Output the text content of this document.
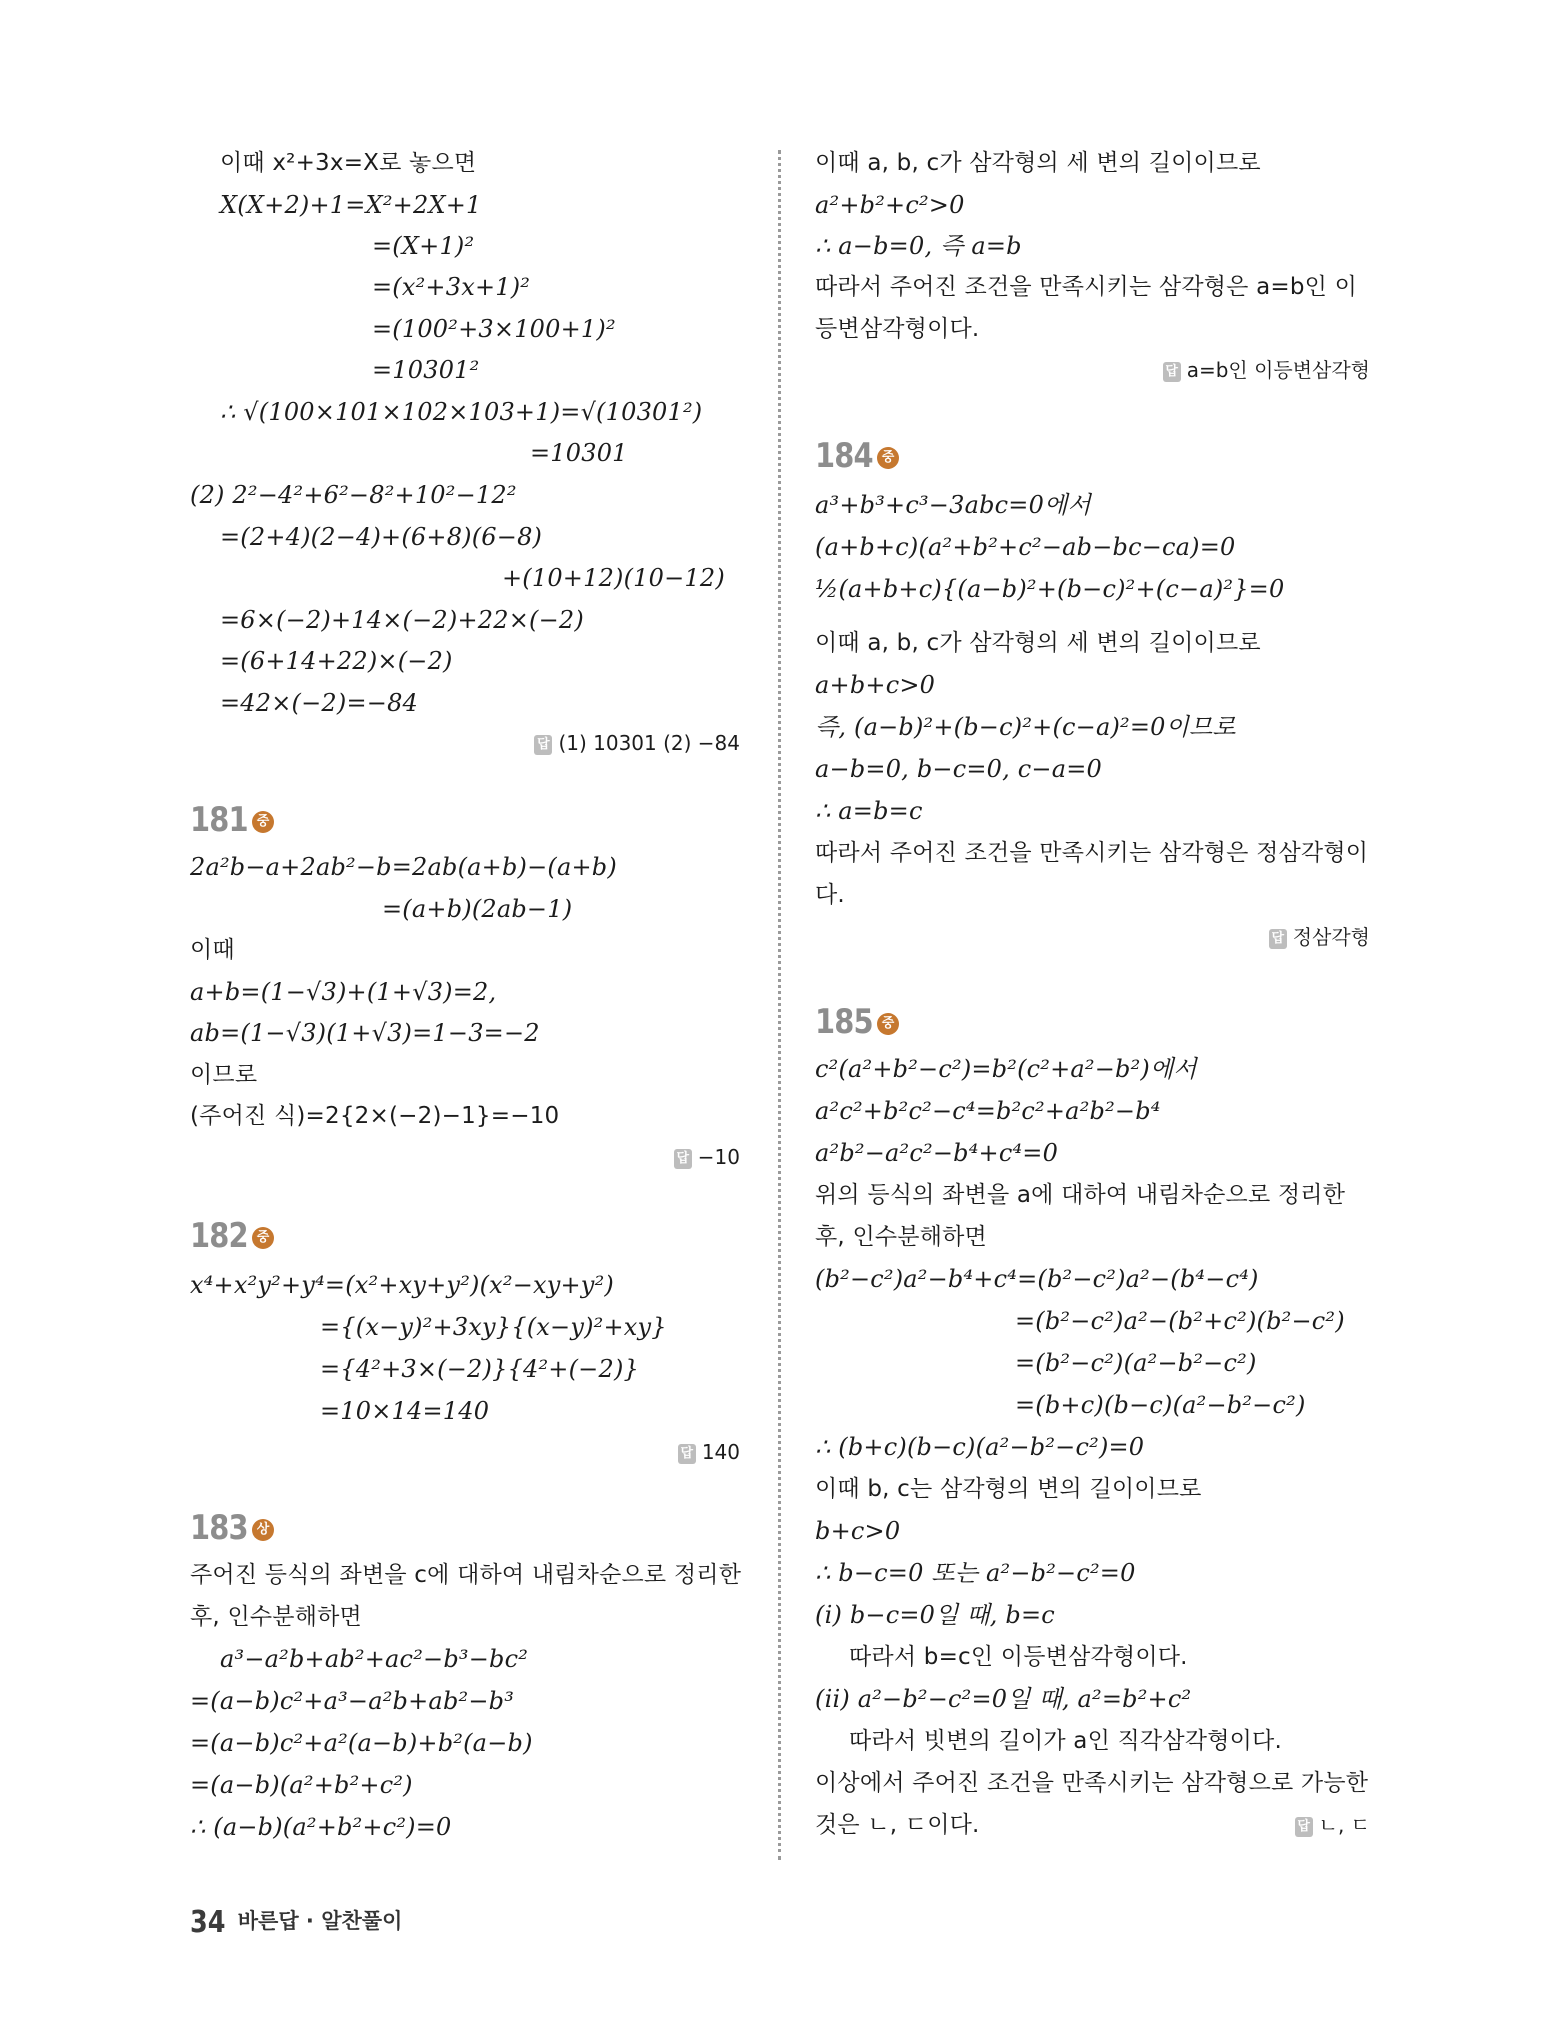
이때 x²+3x=X로 놓으면
X(X+2)+1=X²+2X+1
=(X+1)²
=(x²+3x+1)²
=(100²+3×100+1)²
=10301²
∴ √(100×101×102×103+1)=√(10301²)
=10301
(2) 2²−4²+6²−8²+10²−12²
=(2+4)(2−4)+(6+8)(6−8)
+(10+12)(10−12)
=6×(−2)+14×(−2)+22×(−2)
=(6+14+22)×(−2)
=42×(−2)=−84
답 (1) 10301 (2) −84
181 중
2a²b−a+2ab²−b=2ab(a+b)−(a+b)
=(a+b)(2ab−1)
이때
a+b=(1−√3)+(1+√3)=2,
ab=(1−√3)(1+√3)=1−3=−2
이므로
(주어진 식)=2{2×(−2)−1}=−10
답 −10
182 중
x⁴+x²y²+y⁴=(x²+xy+y²)(x²−xy+y²)
={(x−y)²+3xy}{(x−y)²+xy}
={4²+3×(−2)}{4²+(−2)}
=10×14=140
답 140
183 상
주어진 등식의 좌변을 c에 대하여 내림차순으로 정리한
후, 인수분해하면
a³−a²b+ab²+ac²−b³−bc²
=(a−b)c²+a³−a²b+ab²−b³
=(a−b)c²+a²(a−b)+b²(a−b)
=(a−b)(a²+b²+c²)
∴ (a−b)(a²+b²+c²)=0
이때 a, b, c가 삼각형의 세 변의 길이이므로
a²+b²+c²>0
∴ a−b=0, 즉 a=b
따라서 주어진 조건을 만족시키는 삼각형은 a=b인 이
등변삼각형이다.
답 a=b인 이등변삼각형
184 중
a³+b³+c³−3abc=0에서
(a+b+c)(a²+b²+c²−ab−bc−ca)=0
½(a+b+c){(a−b)²+(b−c)²+(c−a)²}=0
이때 a, b, c가 삼각형의 세 변의 길이이므로
a+b+c>0
즉, (a−b)²+(b−c)²+(c−a)²=0이므로
a−b=0, b−c=0, c−a=0
∴ a=b=c
따라서 주어진 조건을 만족시키는 삼각형은 정삼각형이
다.
답 정삼각형
185 중
c²(a²+b²−c²)=b²(c²+a²−b²)에서
a²c²+b²c²−c⁴=b²c²+a²b²−b⁴
a²b²−a²c²−b⁴+c⁴=0
위의 등식의 좌변을 a에 대하여 내림차순으로 정리한
후, 인수분해하면
(b²−c²)a²−b⁴+c⁴=(b²−c²)a²−(b⁴−c⁴)
=(b²−c²)a²−(b²+c²)(b²−c²)
=(b²−c²)(a²−b²−c²)
=(b+c)(b−c)(a²−b²−c²)
∴ (b+c)(b−c)(a²−b²−c²)=0
이때 b, c는 삼각형의 변의 길이이므로
b+c>0
∴ b−c=0 또는 a²−b²−c²=0
(i) b−c=0일 때, b=c
따라서 b=c인 이등변삼각형이다.
(ii) a²−b²−c²=0일 때, a²=b²+c²
따라서 빗변의 길이가 a인 직각삼각형이다.
이상에서 주어진 조건을 만족시키는 삼각형으로 가능한
것은 ㄴ, ㄷ이다.	답 ㄴ, ㄷ
34 바른답 · 알찬풀이
